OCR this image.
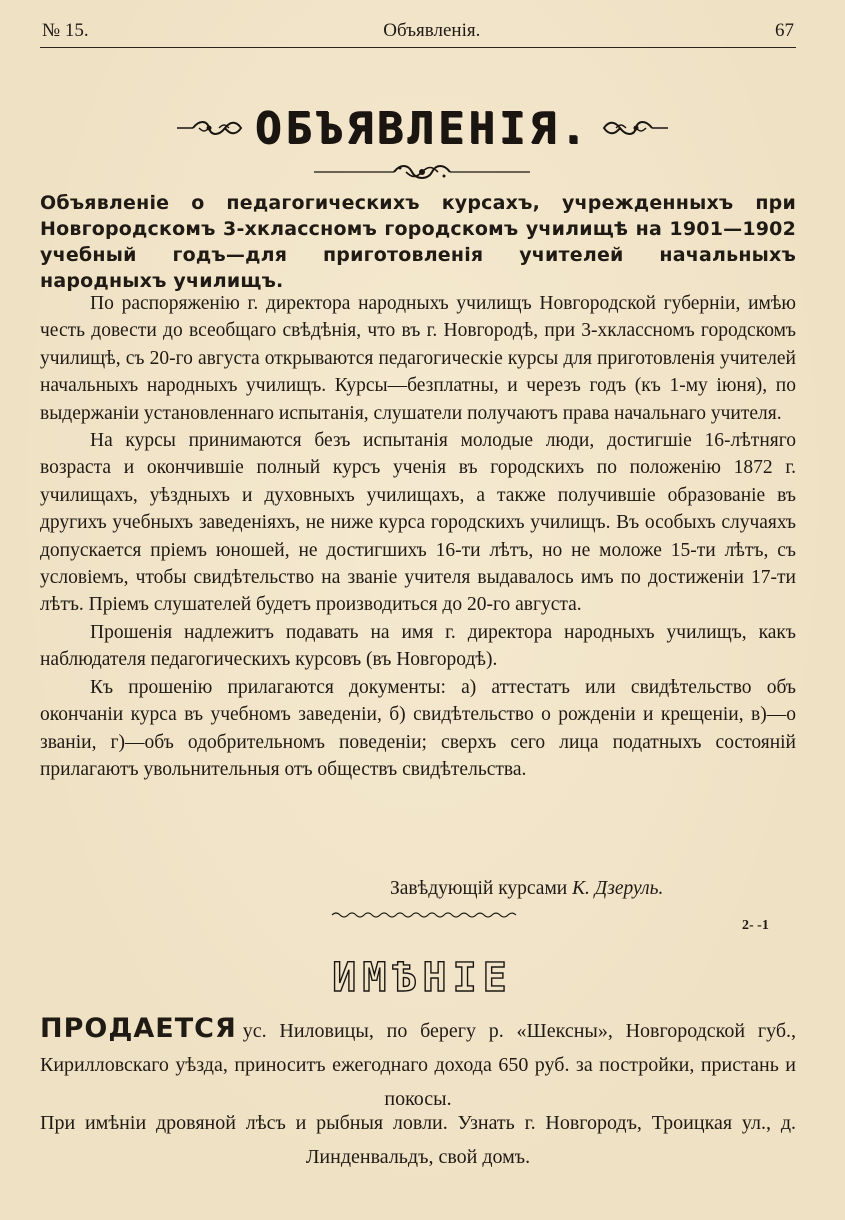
№ 15.	Объявленія.	67
ОБЪЯВЛЕНІЯ.

Объявленіе о педагогическихъ курсахъ, учрежденныхъ при Новгородскомъ 3-хклассномъ городскомъ училищѣ на 1901—1902 учебный годъ—для приготовленія учителей начальныхъ народныхъ училищъ.

По распоряженію г. директора народныхъ училищъ Новгородской губерніи, имѣю честь довести до всеобщаго свѣдѣнія, что въ г. Новгородѣ, при 3-хклассномъ городскомъ училищѣ, съ 20-го августа открываются педагогическіе курсы для приготовленія учителей начальныхъ народныхъ училищъ. Курсы—безплатны, и черезъ годъ (къ 1-му іюня), по выдержаніи установленнаго испытанія, слушатели получаютъ права начальнаго учителя.

На курсы принимаются безъ испытанія молодые люди, достигшіе 16-лѣтняго возраста и окончившіе полный курсъ ученія въ городскихъ по положенію 1872 г. училищахъ, уѣздныхъ и духовныхъ училищахъ, а также получившіе образованіе въ другихъ учебныхъ заведеніяхъ, не ниже курса городскихъ училищъ. Въ особыхъ случаяхъ допускается пріемъ юношей, не достигшихъ 16-ти лѣтъ, но не моложе 15-ти лѣтъ, съ условіемъ, чтобы свидѣтельство на званіе учителя выдавалось имъ по достиженіи 17-ти лѣтъ. Пріемъ слушателей будетъ производиться до 20-го августа.

Прошенія надлежитъ подавать на имя г. директора народныхъ училищъ, какъ наблюдателя педагогическихъ курсовъ (въ Новгородѣ).

Къ прошенію прилагаются документы: а) аттестатъ или свидѣтельство объ окончаніи курса въ учебномъ заведеніи, б) свидѣтельство о рожденіи и крещеніи, в)—о званіи, г)—объ одобрительномъ поведеніи; сверхъ сего лица податныхъ состояній прилагаютъ увольнительныя отъ обществъ свидѣтельства.

Завѣдующій курсами К. Дзеруль.
2- -1
ИМѢНІЕ

ПРОДАЕТСЯ ус. Ниловицы, по берегу р. «Шексны», Новгородской губ., Кирилловскаго уѣзда, приноситъ ежегоднаго дохода 650 руб. за постройки, пристань и покосы.

При имѣніи дровяной лѣсъ и рыбныя ловли. Узнать г. Новгородъ, Троицкая ул., д. Линденвальдъ, свой домъ.
